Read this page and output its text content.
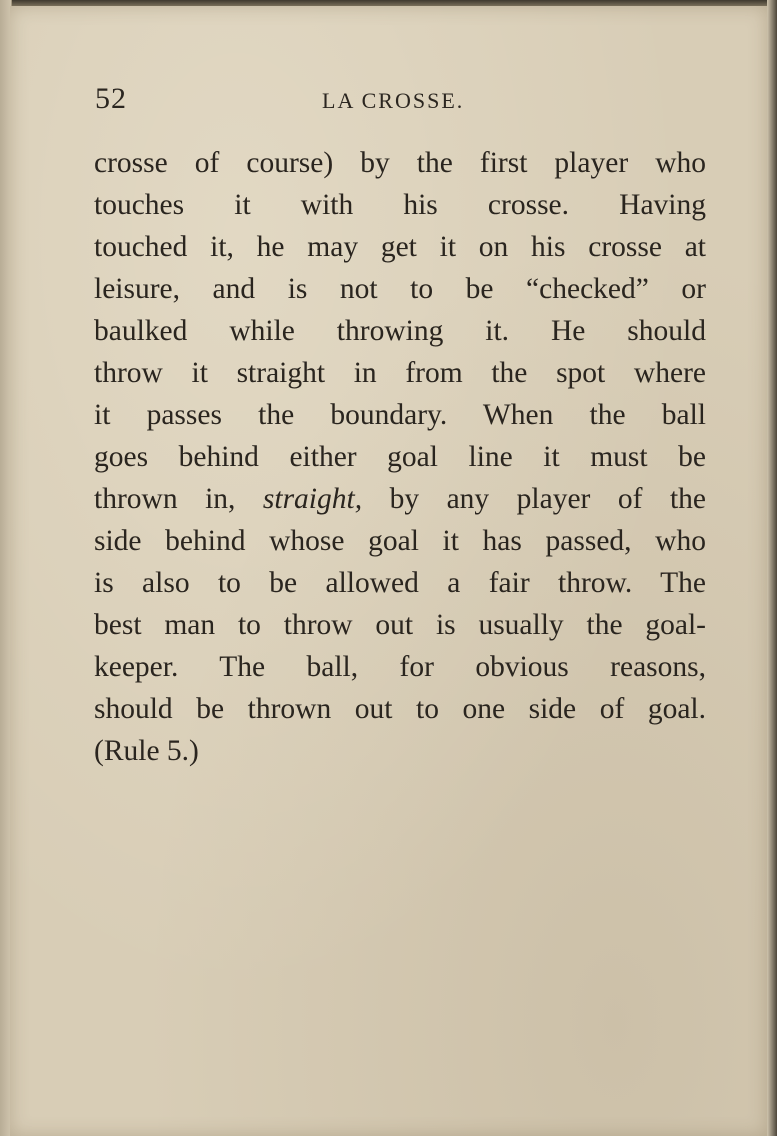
52	LA CROSSE.
crosse of course) by the first player who
touches it with his crosse. Having
touched it, he may get it on his crosse at
leisure, and is not to be “checked” or
baulked while throwing it. He should
throw it straight in from the spot where
it passes the boundary. When the ball
goes behind either goal line it must be
thrown in, straight, by any player of the
side behind whose goal it has passed, who
is also to be allowed a fair throw. The
best man to throw out is usually the goal-
keeper. The ball, for obvious reasons,
should be thrown out to one side of goal.
(Rule 5.)
